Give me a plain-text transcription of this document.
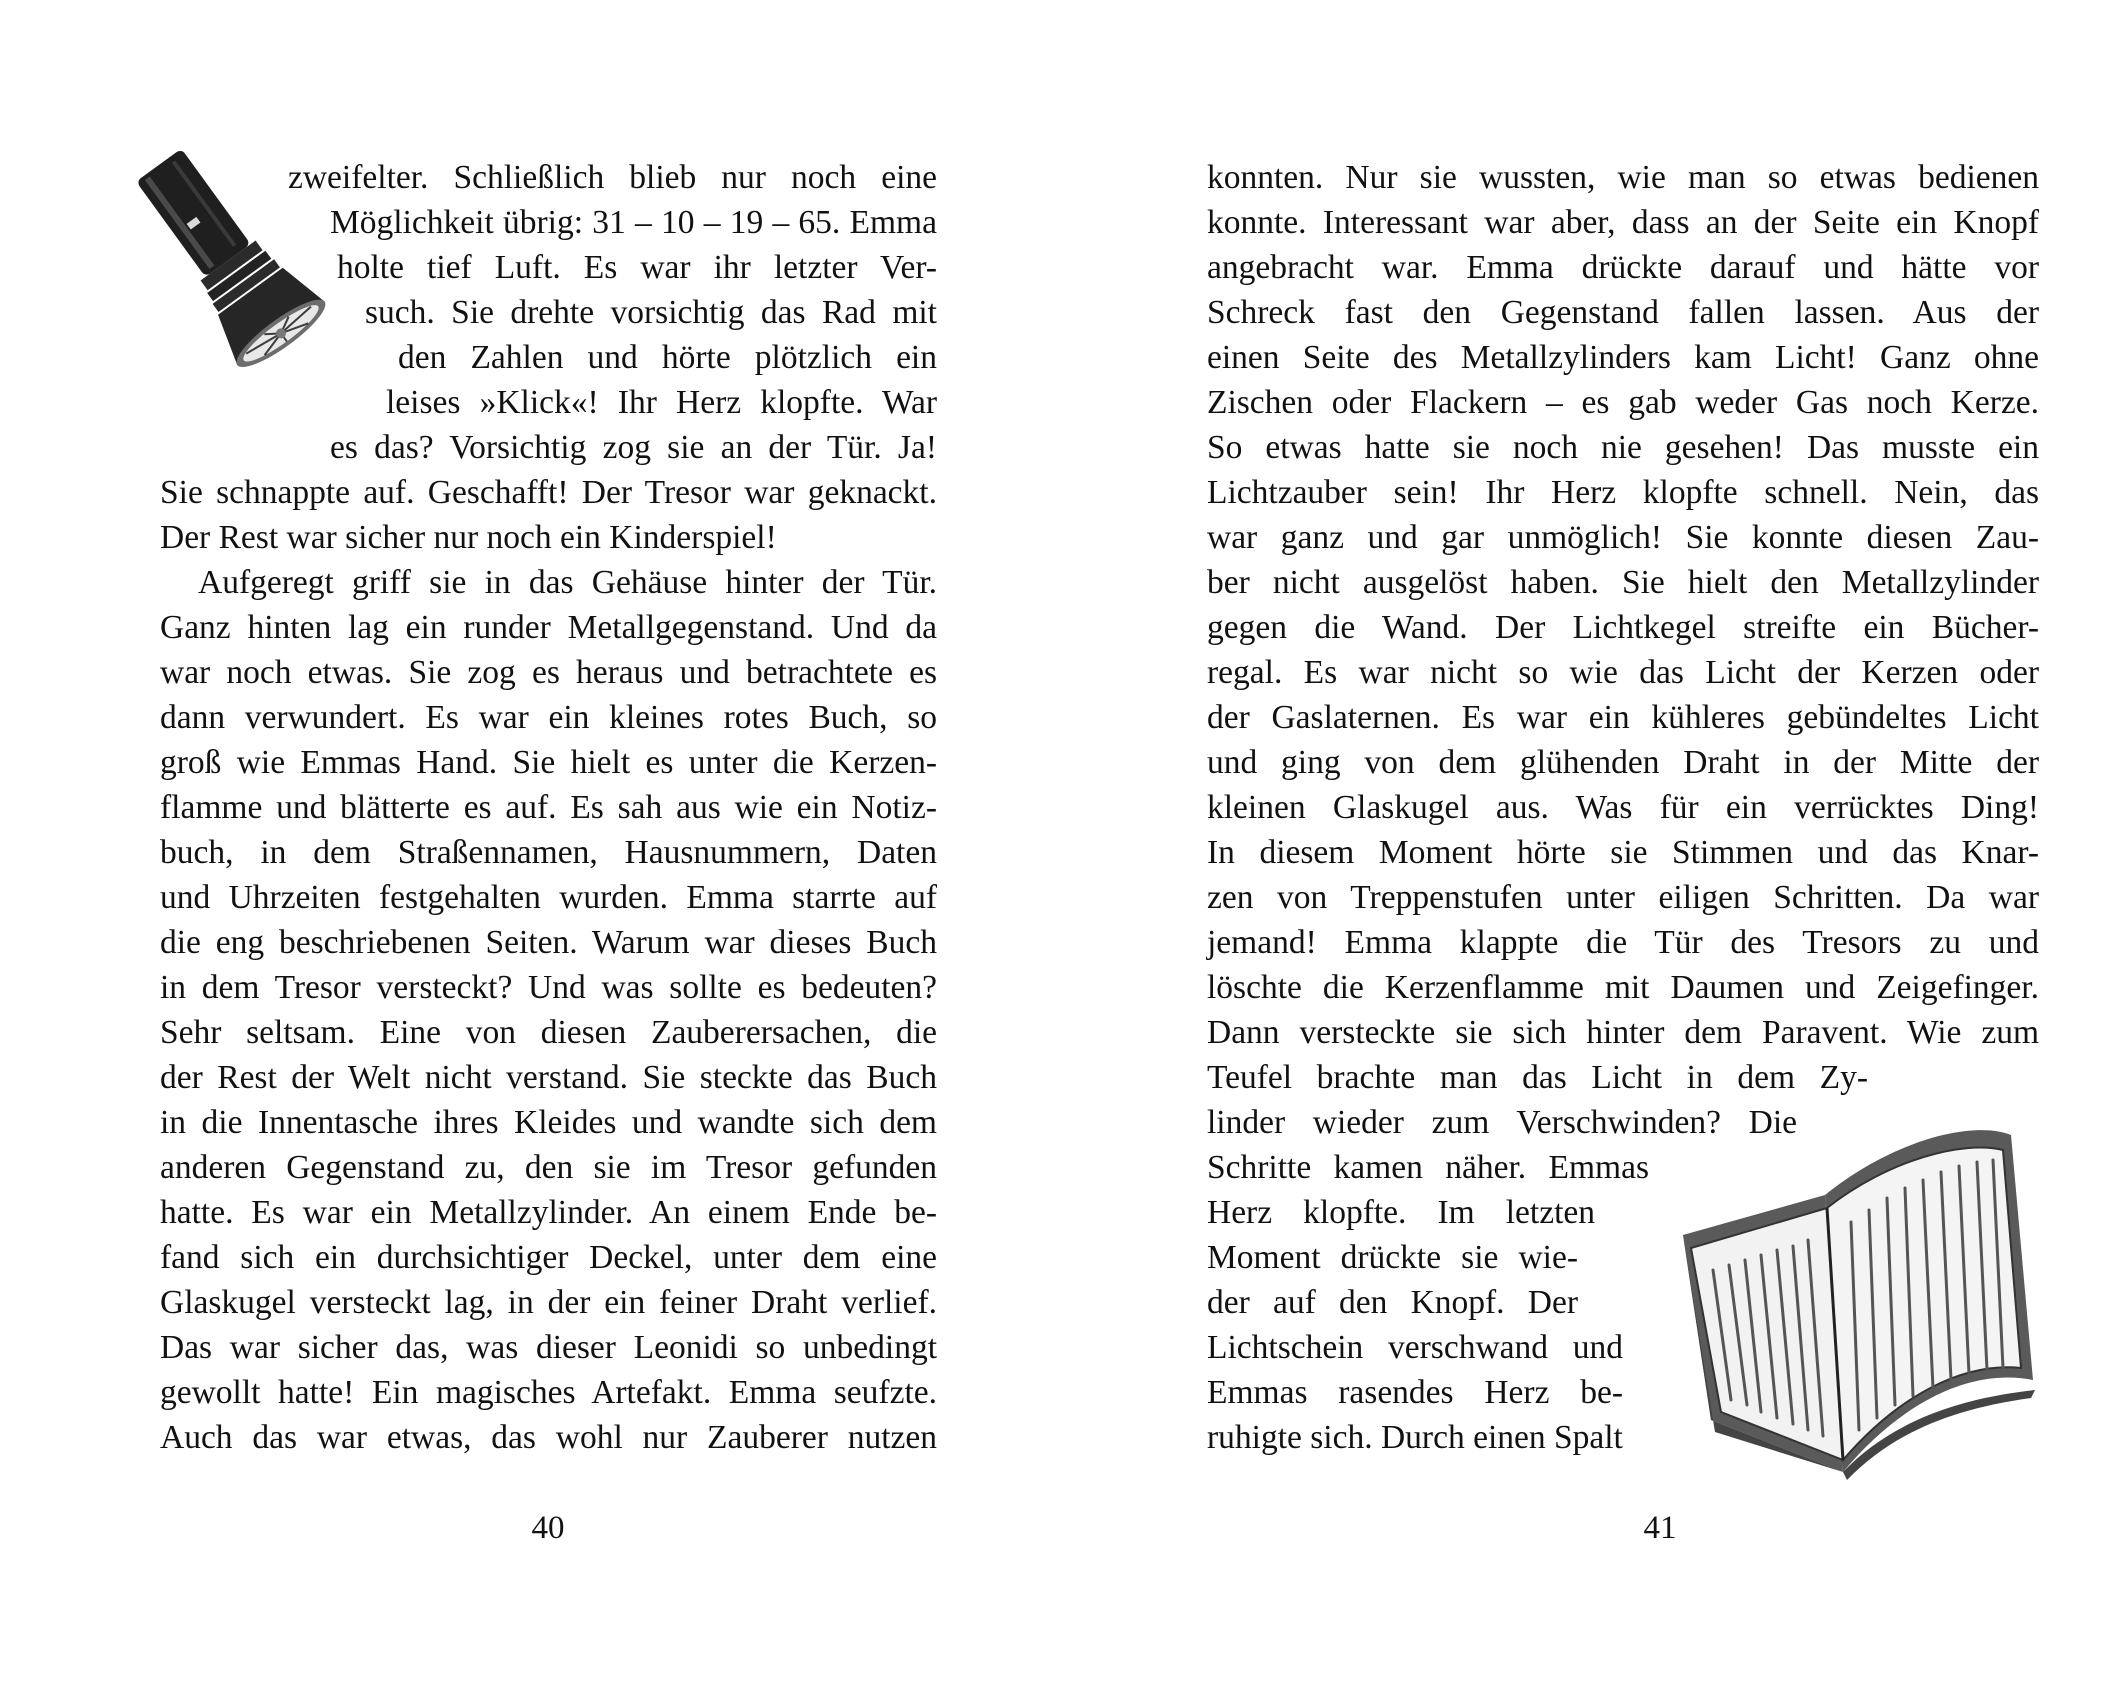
zweifelter. Schließlich blieb nur noch eine
Möglichkeit übrig: 31 – 10 – 19 – 65. Emma
holte tief Luft. Es war ihr letzter Ver-
such. Sie drehte vorsichtig das Rad mit
den Zahlen und hörte plötzlich ein
leises »Klick«! Ihr Herz klopfte. War
es das? Vorsichtig zog sie an der Tür. Ja!
Sie schnappte auf. Geschafft! Der Tresor war geknackt.
Der Rest war sicher nur noch ein Kinderspiel!
Aufgeregt griff sie in das Gehäuse hinter der Tür.
Ganz hinten lag ein runder Metallgegenstand. Und da
war noch etwas. Sie zog es heraus und betrachtete es
dann verwundert. Es war ein kleines rotes Buch, so
groß wie Emmas Hand. Sie hielt es unter die Kerzen-
flamme und blätterte es auf. Es sah aus wie ein Notiz-
buch, in dem Straßennamen, Hausnummern, Daten
und Uhrzeiten festgehalten wurden. Emma starrte auf
die eng beschriebenen Seiten. Warum war dieses Buch
in dem Tresor versteckt? Und was sollte es bedeuten?
Sehr seltsam. Eine von diesen Zauberersachen, die
der Rest der Welt nicht verstand. Sie steckte das Buch
in die Innentasche ihres Kleides und wandte sich dem
anderen Gegenstand zu, den sie im Tresor gefunden
hatte. Es war ein Metallzylinder. An einem Ende be-
fand sich ein durchsichtiger Deckel, unter dem eine
Glaskugel versteckt lag, in der ein feiner Draht verlief.
Das war sicher das, was dieser Leonidi so unbedingt
gewollt hatte! Ein magisches Artefakt. Emma seufzte.
Auch das war etwas, das wohl nur Zauberer nutzen
40
konnten. Nur sie wussten, wie man so etwas bedienen
konnte. Interessant war aber, dass an der Seite ein Knopf
angebracht war. Emma drückte darauf und hätte vor
Schreck fast den Gegenstand fallen lassen. Aus der
einen Seite des Metallzylinders kam Licht! Ganz ohne
Zischen oder Flackern – es gab weder Gas noch Kerze.
So etwas hatte sie noch nie gesehen! Das musste ein
Lichtzauber sein! Ihr Herz klopfte schnell. Nein, das
war ganz und gar unmöglich! Sie konnte diesen Zau-
ber nicht ausgelöst haben. Sie hielt den Metallzylinder
gegen die Wand. Der Lichtkegel streifte ein Bücher-
regal. Es war nicht so wie das Licht der Kerzen oder
der Gaslaternen. Es war ein kühleres gebündeltes Licht
und ging von dem glühenden Draht in der Mitte der
kleinen Glaskugel aus. Was für ein verrücktes Ding!
In diesem Moment hörte sie Stimmen und das Knar-
zen von Treppenstufen unter eiligen Schritten. Da war
jemand! Emma klappte die Tür des Tresors zu und
löschte die Kerzenflamme mit Daumen und Zeigefinger.
Dann versteckte sie sich hinter dem Paravent. Wie zum
Teufel brachte man das Licht in dem Zy-
linder wieder zum Verschwinden? Die
Schritte kamen näher. Emmas
Herz klopfte. Im letzten
Moment drückte sie wie-
der auf den Knopf. Der
Lichtschein verschwand und
Emmas rasendes Herz be-
ruhigte sich. Durch einen Spalt
41
